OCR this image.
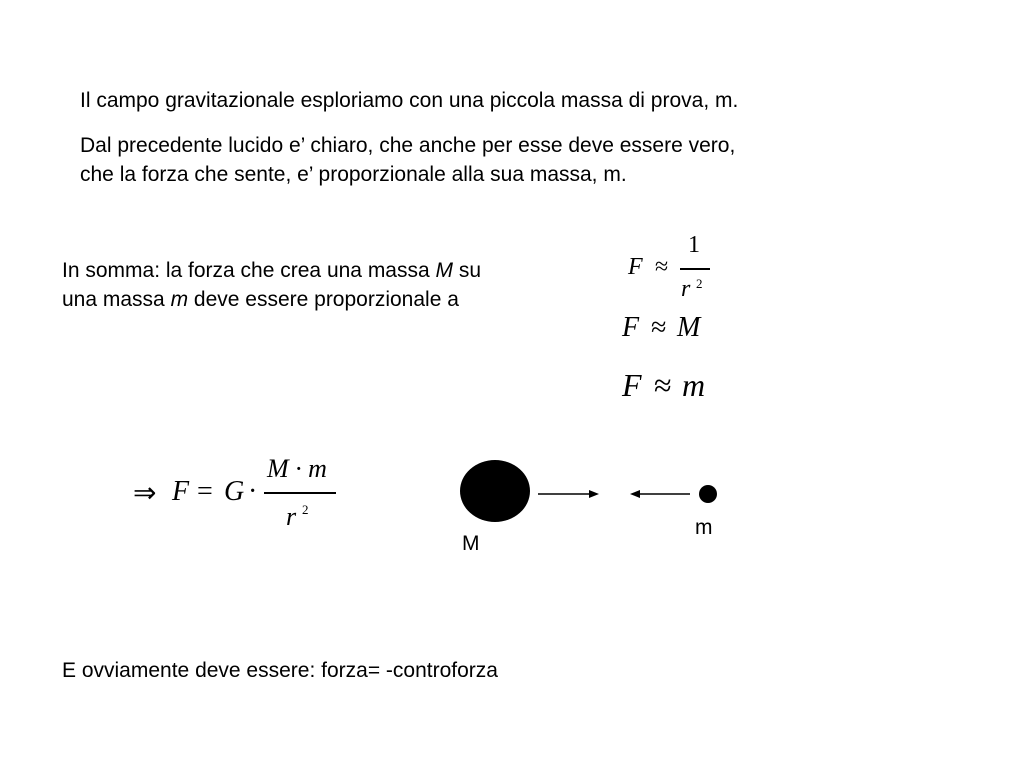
Il campo gravitazionale esploriamo con una piccola massa di prova, m.
Dal precedente lucido e’ chiaro, che anche per esse deve essere vero,
che la forza che sente, e’ proporzionale alla sua massa, m.
In somma: la forza che crea una massa M su
una massa m deve essere proporzionale a
F ≈
1
r 2
F ≈ M
F ≈ m
⇒ F = G ·
M · m
r 2
M
m
E ovviamente deve essere: forza= -controforza
